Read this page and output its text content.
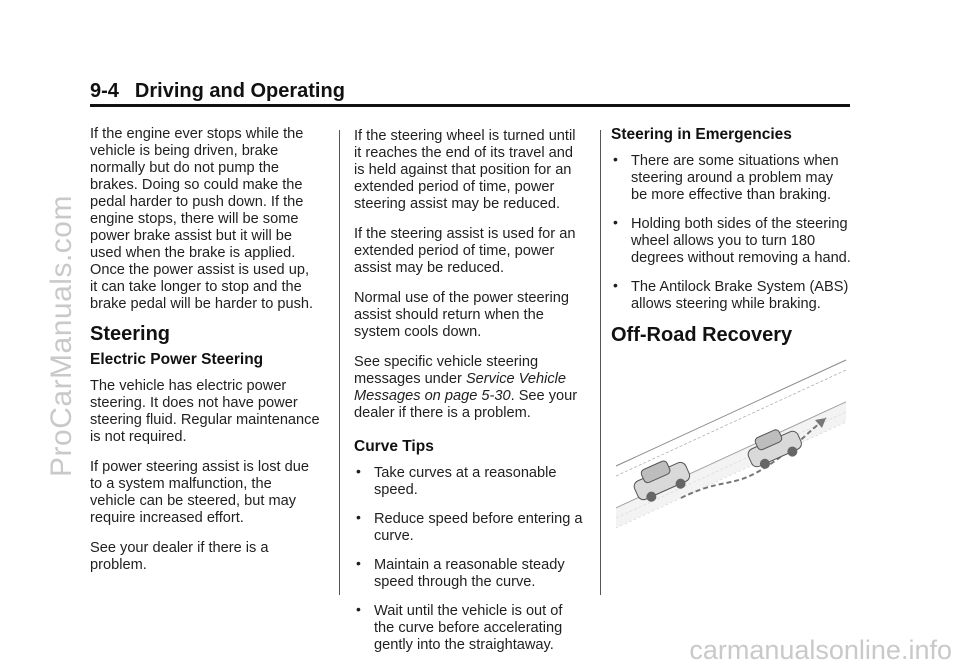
ProCarManuals.com
carmanualsonline.info
9-4 Driving and Operating

If the engine ever stops while the vehicle is being driven, brake normally but do not pump the brakes. Doing so could make the pedal harder to push down. If the engine stops, there will be some power brake assist but it will be used when the brake is applied. Once the power assist is used up, it can take longer to stop and the brake pedal will be harder to push.

Steering
Electric Power Steering

The vehicle has electric power steering. It does not have power steering fluid. Regular maintenance is not required.

If power steering assist is lost due to a system malfunction, the vehicle can be steered, but may require increased effort.

See your dealer if there is a problem.

If the steering wheel is turned until it reaches the end of its travel and is held against that position for an extended period of time, power steering assist may be reduced.

If the steering assist is used for an extended period of time, power assist may be reduced.

Normal use of the power steering assist should return when the system cools down.

See specific vehicle steering messages under Service Vehicle Messages on page 5-30. See your dealer if there is a problem.

Curve Tips
• Take curves at a reasonable speed.
• Reduce speed before entering a curve.
• Maintain a reasonable steady speed through the curve.
• Wait until the vehicle is out of the curve before accelerating gently into the straightaway.
Steering in Emergencies
• There are some situations when steering around a problem may be more effective than braking.
• Holding both sides of the steering wheel allows you to turn 180 degrees without removing a hand.
• The Antilock Brake System (ABS) allows steering while braking.
Off-Road Recovery
